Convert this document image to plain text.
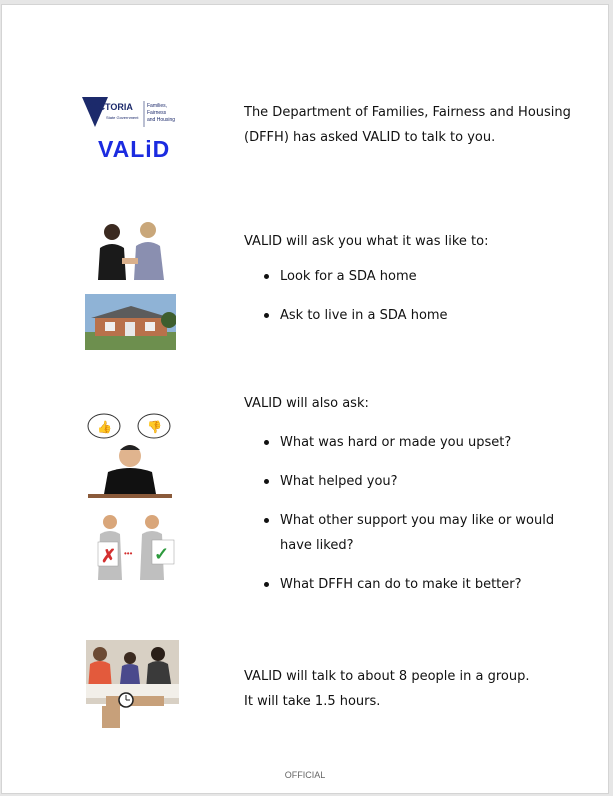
VICTORIA
State Government
Families,
Fairness
and Housing
VALiD
The Department of Families, Fairness and Housing
(DFFH) has asked VALID to talk to you.
VALID will ask you what it was like to:
Look for a SDA home
Ask to live in a SDA home
👍	👎
✗ ✓
•••
VALID will also ask:
What was hard or made you upset?
What helped you?
What other support you may like or would
have liked?
What DFFH can do to make it better?
VALID will talk to about 8 people in a group.
It will take 1.5 hours.
OFFICIAL
